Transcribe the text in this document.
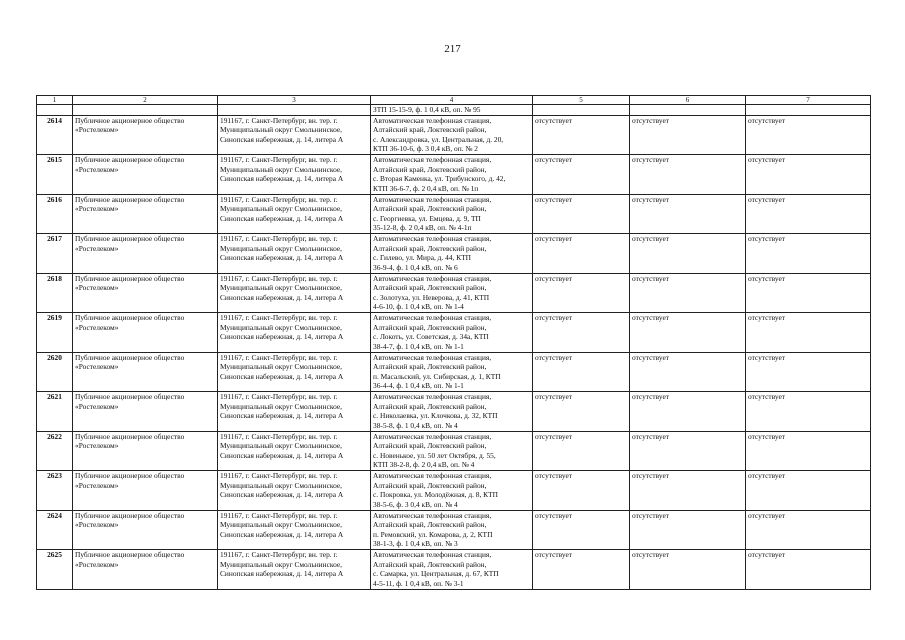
217
1	2	3	4	5	6	7
			ЗТП 15-15-9, ф. 1 0,4 кВ, оп. № 95			
2614	Публичное акционерное общество
«Ростелеком»	191167, г. Санкт-Петербург, вн. тер. г.
Муниципальный округ Смольнинское,
Синопская набережная, д. 14, литера А	Автоматическая телефонная станция,
Алтайский край, Локтевский район,
с. Александровка, ул. Центральная, д. 20,
КТП 36-10-6, ф. 3 0,4 кВ, оп. № 2	отсутствует	отсутствует	отсутствует
2615	Публичное акционерное общество
«Ростелеком»	191167, г. Санкт-Петербург, вн. тер. г.
Муниципальный округ Смольнинское,
Синопская набережная, д. 14, литера А	Автоматическая телефонная станция,
Алтайский край, Локтевский район,
с. Вторая Каменка, ул. Трибунского, д. 42,
КТП 36-6-7, ф. 2 0,4 кВ, оп. № 1п	отсутствует	отсутствует	отсутствует
2616	Публичное акционерное общество
«Ростелеком»	191167, г. Санкт-Петербург, вн. тер. г.
Муниципальный округ Смольнинское,
Синопская набережная, д. 14, литера А	Автоматическая телефонная станция,
Алтайский край, Локтевский район,
с. Георгиевка, ул. Емцева, д. 9, ТП
35-12-8, ф. 2 0,4 кВ, оп. № 4-1п	отсутствует	отсутствует	отсутствует
2617	Публичное акционерное общество
«Ростелеком»	191167, г. Санкт-Петербург, вн. тер. г.
Муниципальный округ Смольнинское,
Синопская набережная, д. 14, литера А	Автоматическая телефонная станция,
Алтайский край, Локтевский район,
с. Гилево, ул. Мира, д. 44, КТП
36-9-4, ф. 1 0,4 кВ, оп. № 6	отсутствует	отсутствует	отсутствует
2618	Публичное акционерное общество
«Ростелеком»	191167, г. Санкт-Петербург, вн. тер. г.
Муниципальный округ Смольнинское,
Синопская набережная, д. 14, литера А	Автоматическая телефонная станция,
Алтайский край, Локтевский район,
с. Золотуха, ул. Неверова, д. 41, КТП
4-6-10, ф. 1 0,4 кВ, оп. № 1-4	отсутствует	отсутствует	отсутствует
2619	Публичное акционерное общество
«Ростелеком»	191167, г. Санкт-Петербург, вн. тер. г.
Муниципальный округ Смольнинское,
Синопская набережная, д. 14, литера А	Автоматическая телефонная станция,
Алтайский край, Локтевский район,
с. Локоть, ул. Советская, д. 34а, КТП
38-4-7, ф. 1 0,4 кВ, оп. № 1-1	отсутствует	отсутствует	отсутствует
2620	Публичное акционерное общество
«Ростелеком»	191167, г. Санкт-Петербург, вн. тер. г.
Муниципальный округ Смольнинское,
Синопская набережная, д. 14, литера А	Автоматическая телефонная станция,
Алтайский край, Локтевский район,
п. Масальский, ул. Сибирская, д. 1, КТП
36-4-4, ф. 1 0,4 кВ, оп. № 1-1	отсутствует	отсутствует	отсутствует
2621	Публичное акционерное общество
«Ростелеком»	191167, г. Санкт-Петербург, вн. тер. г.
Муниципальный округ Смольнинское,
Синопская набережная, д. 14, литера А	Автоматическая телефонная станция,
Алтайский край, Локтевский район,
с. Николаевка, ул. Клочкова, д. 32, КТП
38-5-8, ф. 1 0,4 кВ, оп. № 4	отсутствует	отсутствует	отсутствует
2622	Публичное акционерное общество
«Ростелеком»	191167, г. Санкт-Петербург, вн. тер. г.
Муниципальный округ Смольнинское,
Синопская набережная, д. 14, литера А	Автоматическая телефонная станция,
Алтайский край, Локтевский район,
с. Новенькое, ул. 50 лет Октября, д. 55,
КТП 38-2-8, ф. 2 0,4 кВ, оп. № 4	отсутствует	отсутствует	отсутствует
2623	Публичное акционерное общество
«Ростелеком»	191167, г. Санкт-Петербург, вн. тер. г.
Муниципальный округ Смольнинское,
Синопская набережная, д. 14, литера А	Автоматическая телефонная станция,
Алтайский край, Локтевский район,
с. Покровка, ул. Молодёжная, д. 8, КТП
38-5-6, ф. 3 0,4 кВ, оп. № 4	отсутствует	отсутствует	отсутствует
2624	Публичное акционерное общество
«Ростелеком»	191167, г. Санкт-Петербург, вн. тер. г.
Муниципальный округ Смольнинское,
Синопская набережная, д. 14, литера А	Автоматическая телефонная станция,
Алтайский край, Локтевский район,
п. Ремовский, ул. Комарова, д. 2, КТП
38-1-3, ф. 1 0,4 кВ, оп. № 3	отсутствует	отсутствует	отсутствует
2625	Публичное акционерное общество
«Ростелеком»	191167, г. Санкт-Петербург, вн. тер. г.
Муниципальный округ Смольнинское,
Синопская набережная, д. 14, литера А	Автоматическая телефонная станция,
Алтайский край, Локтевский район,
с. Самарка, ул. Центральная, д. 67, КТП
4-5-11, ф. 1 0,4 кВ, оп. № 3-1	отсутствует	отсутствует	отсутствует
